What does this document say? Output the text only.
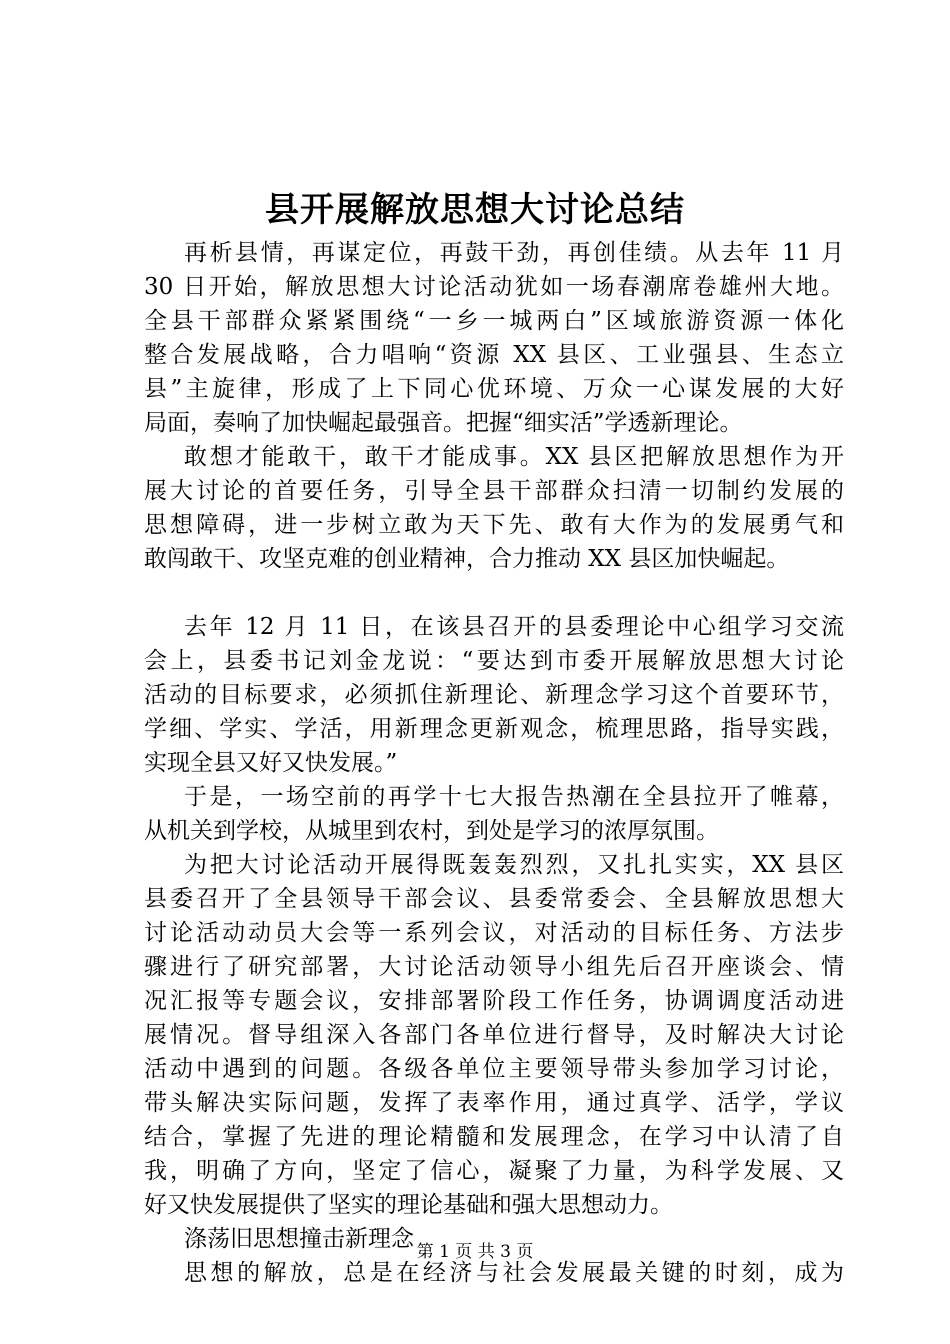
县开展解放思想大讨论总结
再析县情，再谋定位，再鼓干劲，再创佳绩。从去年 11 月
30 日开始，解放思想大讨论活动犹如一场春潮席卷雄州大地。
全县干部群众紧紧围绕“一乡一城两白”区域旅游资源一体化
整合发展战略，合力唱响“资源 XX 县区、工业强县、生态立
县”主旋律，形成了上下同心优环境、万众一心谋发展的大好
局面，奏响了加快崛起最强音。把握“细实活”学透新理论。
敢想才能敢干，敢干才能成事。XX 县区把解放思想作为开
展大讨论的首要任务，引导全县干部群众扫清一切制约发展的
思想障碍，进一步树立敢为天下先、敢有大作为的发展勇气和
敢闯敢干、攻坚克难的创业精神，合力推动 XX 县区加快崛起。
去年 12 月 11 日，在该县召开的县委理论中心组学习交流
会上，县委书记刘金龙说：“要达到市委开展解放思想大讨论
活动的目标要求，必须抓住新理论、新理念学习这个首要环节，
学细、学实、学活，用新理念更新观念，梳理思路，指导实践，
实现全县又好又快发展。”
于是，一场空前的再学十七大报告热潮在全县拉开了帷幕，
从机关到学校，从城里到农村，到处是学习的浓厚氛围。
为把大讨论活动开展得既轰轰烈烈，又扎扎实实，XX 县区
县委召开了全县领导干部会议、县委常委会、全县解放思想大
讨论活动动员大会等一系列会议，对活动的目标任务、方法步
骤进行了研究部署，大讨论活动领导小组先后召开座谈会、情
况汇报等专题会议，安排部署阶段工作任务，协调调度活动进
展情况。督导组深入各部门各单位进行督导，及时解决大讨论
活动中遇到的问题。各级各单位主要领导带头参加学习讨论，
带头解决实际问题，发挥了表率作用，通过真学、活学，学议
结合，掌握了先进的理论精髓和发展理念，在学习中认清了自
我，明确了方向，坚定了信心，凝聚了力量，为科学发展、又
好又快发展提供了坚实的理论基础和强大思想动力。
涤荡旧思想撞击新理念
思想的解放，总是在经济与社会发展最关键的时刻，成为
第 1 页 共 3 页
